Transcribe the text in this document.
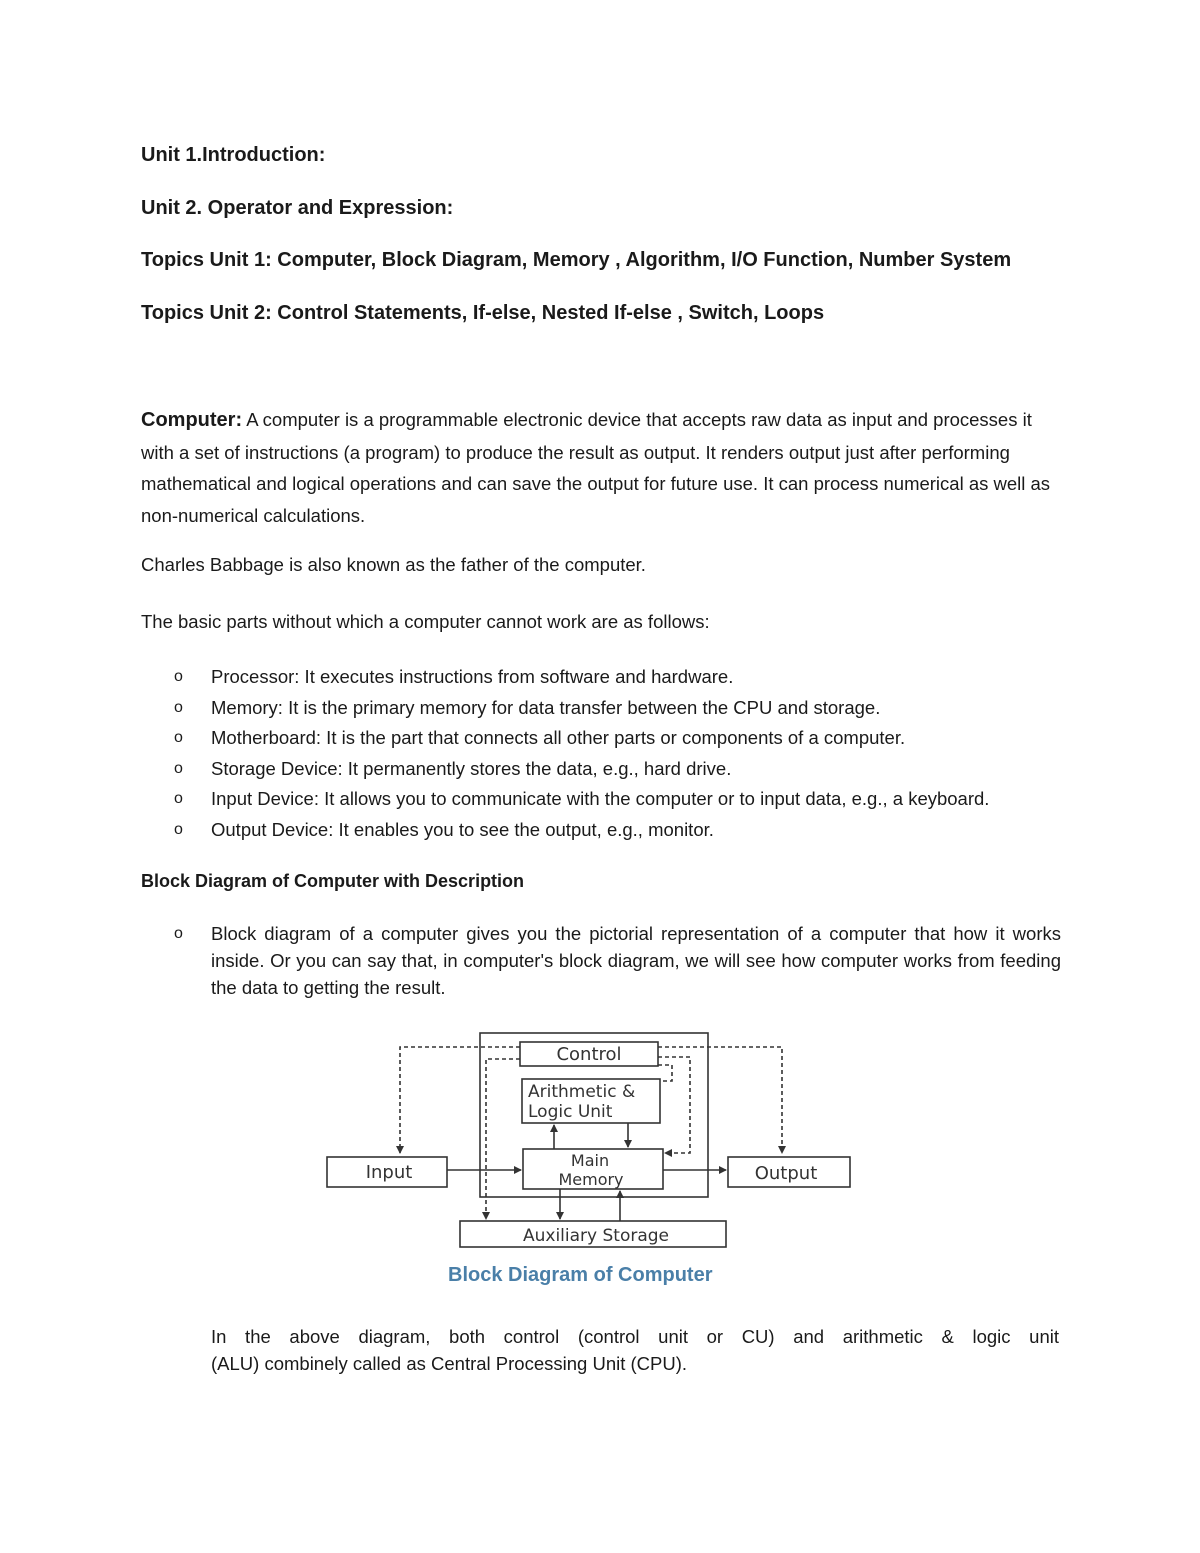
Unit 1.Introduction:

Unit 2. Operator and Expression:

Topics Unit 1: Computer, Block Diagram, Memory , Algorithm, I/O Function, Number System

Topics Unit 2: Control Statements, If-else, Nested If-else , Switch, Loops

Computer: A computer is a programmable electronic device that accepts raw data as input and processes it with a set of instructions (a program) to produce the result as output. It renders output just after performing mathematical and logical operations and can save the output for future use. It can process numerical as well as non-numerical calculations.

Charles Babbage is also known as the father of the computer.

The basic parts without which a computer cannot work are as follows:

o Processor: It executes instructions from software and hardware.
o Memory: It is the primary memory for data transfer between the CPU and storage.
o Motherboard: It is the part that connects all other parts or components of a computer.
o Storage Device: It permanently stores the data, e.g., hard drive.
o Input Device: It allows you to communicate with the computer or to input data, e.g., a keyboard.
o Output Device: It enables you to see the output, e.g., monitor.

Block Diagram of Computer with Description

o Block diagram of a computer gives you the pictorial representation of a computer that how it works inside. Or you can say that, in computer's block diagram, we will see how computer works from feeding the data to getting the result.

Control
Arithmetic &
Logic Unit
Main
Memory
Input	Output
Auxiliary Storage

Block Diagram of Computer

In the above diagram, both control (control unit or CU) and arithmetic & logic unit
(ALU) combinely called as Central Processing Unit (CPU).
